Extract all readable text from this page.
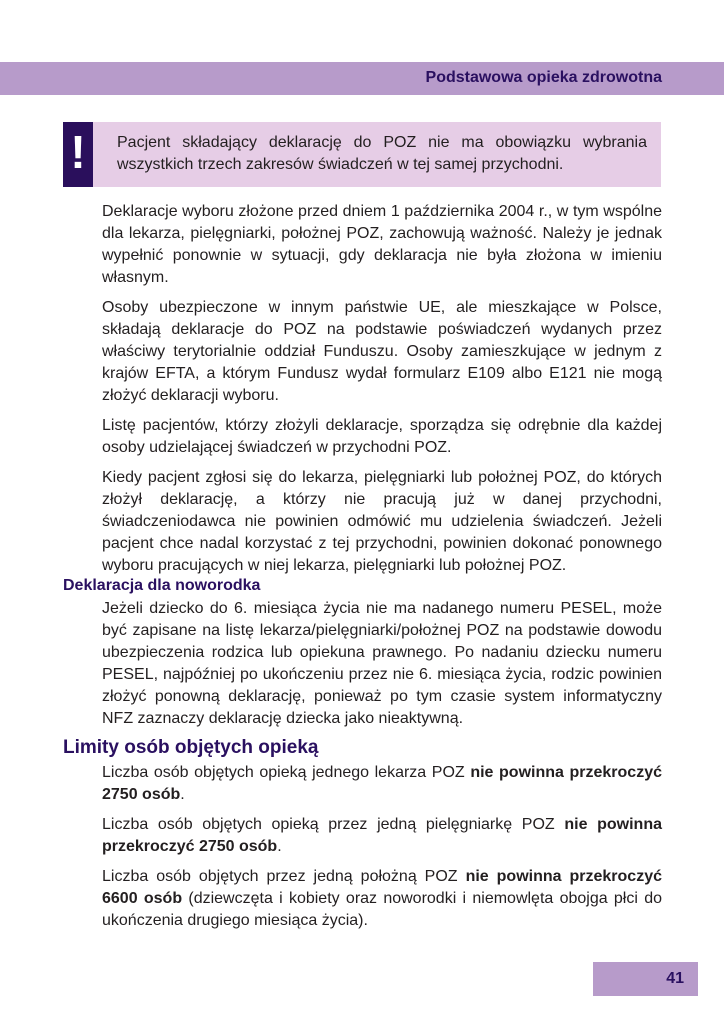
Podstawowa opieka zdrowotna
!	Pacjent składający deklarację do POZ nie ma obowiązku wybrania wszystkich trzech zakresów świadczeń w tej samej przychodni.

Deklaracje wyboru złożone przed dniem 1 października 2004 r., w tym wspólne dla lekarza, pielęgniarki, położnej POZ, zachowują ważność. Należy je jednak wypełnić ponownie w sytuacji, gdy deklaracja nie była złożona w imieniu własnym.

Osoby ubezpieczone w innym państwie UE, ale mieszkające w Polsce, składają deklaracje do POZ na podstawie poświadczeń wydanych przez właściwy terytorialnie oddział Funduszu. Osoby zamieszkujące w jednym z krajów EFTA, a którym Fundusz wydał formularz E109 albo E121 nie mogą złożyć deklaracji wyboru.

Listę pacjentów, którzy złożyli deklaracje, sporządza się odrębnie dla każdej osoby udzielającej świadczeń w przychodni POZ.

Kiedy pacjent zgłosi się do lekarza, pielęgniarki lub położnej POZ, do których złożył deklarację, a którzy nie pracują już w danej przychodni, świadczeniodawca nie powinien odmówić mu udzielenia świadczeń. Jeżeli pacjent chce nadal korzystać z tej przychodni, powinien dokonać ponownego wyboru pracujących w niej lekarza, pielęgniarki lub położnej POZ.

Deklaracja dla noworodka

Jeżeli dziecko do 6. miesiąca życia nie ma nadanego numeru PESEL, może być zapisane na listę lekarza/pielęgniarki/położnej POZ na podstawie dowodu ubezpieczenia rodzica lub opiekuna prawnego. Po nadaniu dziecku numeru PESEL, najpóźniej po ukończeniu przez nie 6. miesiąca życia, rodzic powinien złożyć ponowną deklarację, ponieważ po tym czasie system informatyczny NFZ zaznaczy deklarację dziecka jako nieaktywną.

Limity osób objętych opieką

Liczba osób objętych opieką jednego lekarza POZ nie powinna przekroczyć 2750 osób.

Liczba osób objętych opieką przez jedną pielęgniarkę POZ nie powinna przekroczyć 2750 osób.

Liczba osób objętych przez jedną położną POZ nie powinna przekroczyć 6600 osób (dziewczęta i kobiety oraz noworodki i niemowlęta obojga płci do ukończenia drugiego miesiąca życia).

41
